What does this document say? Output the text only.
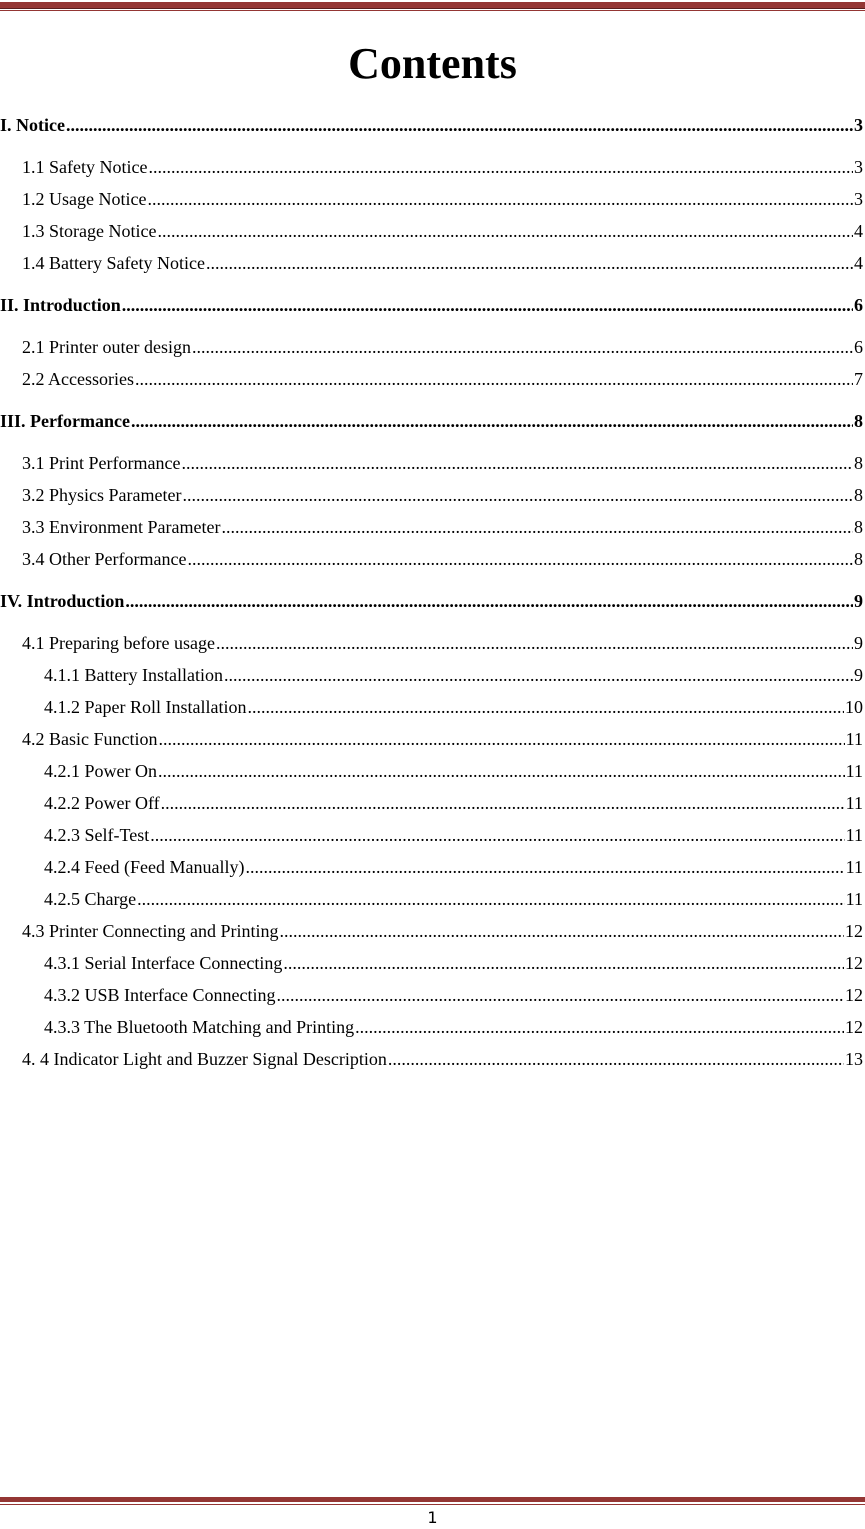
Contents
I. Notice .....	3
1.1 Safety Notice .....	3
1.2 Usage Notice .....	3
1.3 Storage Notice .....	4
1.4 Battery Safety Notice .....	4
II. Introduction .....	6
2.1 Printer outer design .....	6
2.2 Accessories .....	7
III. Performance .....	8
3.1 Print Performance .....	8
3.2 Physics Parameter .....	8
3.3 Environment Parameter .....	8
3.4 Other Performance .....	8
IV. Introduction .....	9
4.1 Preparing before usage .....	9
4.1.1 Battery Installation .....	9
4.1.2 Paper Roll Installation .....	10
4.2 Basic Function .....	11
4.2.1 Power On .....	11
4.2.2 Power Off .....	11
4.2.3 Self-Test .....	11
4.2.4 Feed (Feed Manually) .....	11
4.2.5 Charge .....	11
4.3 Printer Connecting and Printing .....	12
4.3.1 Serial Interface Connecting .....	12
4.3.2 USB Interface Connecting .....	12
4.3.3 The Bluetooth Matching and Printing .....	12
4. 4 Indicator Light and Buzzer Signal Description .....	13
1
